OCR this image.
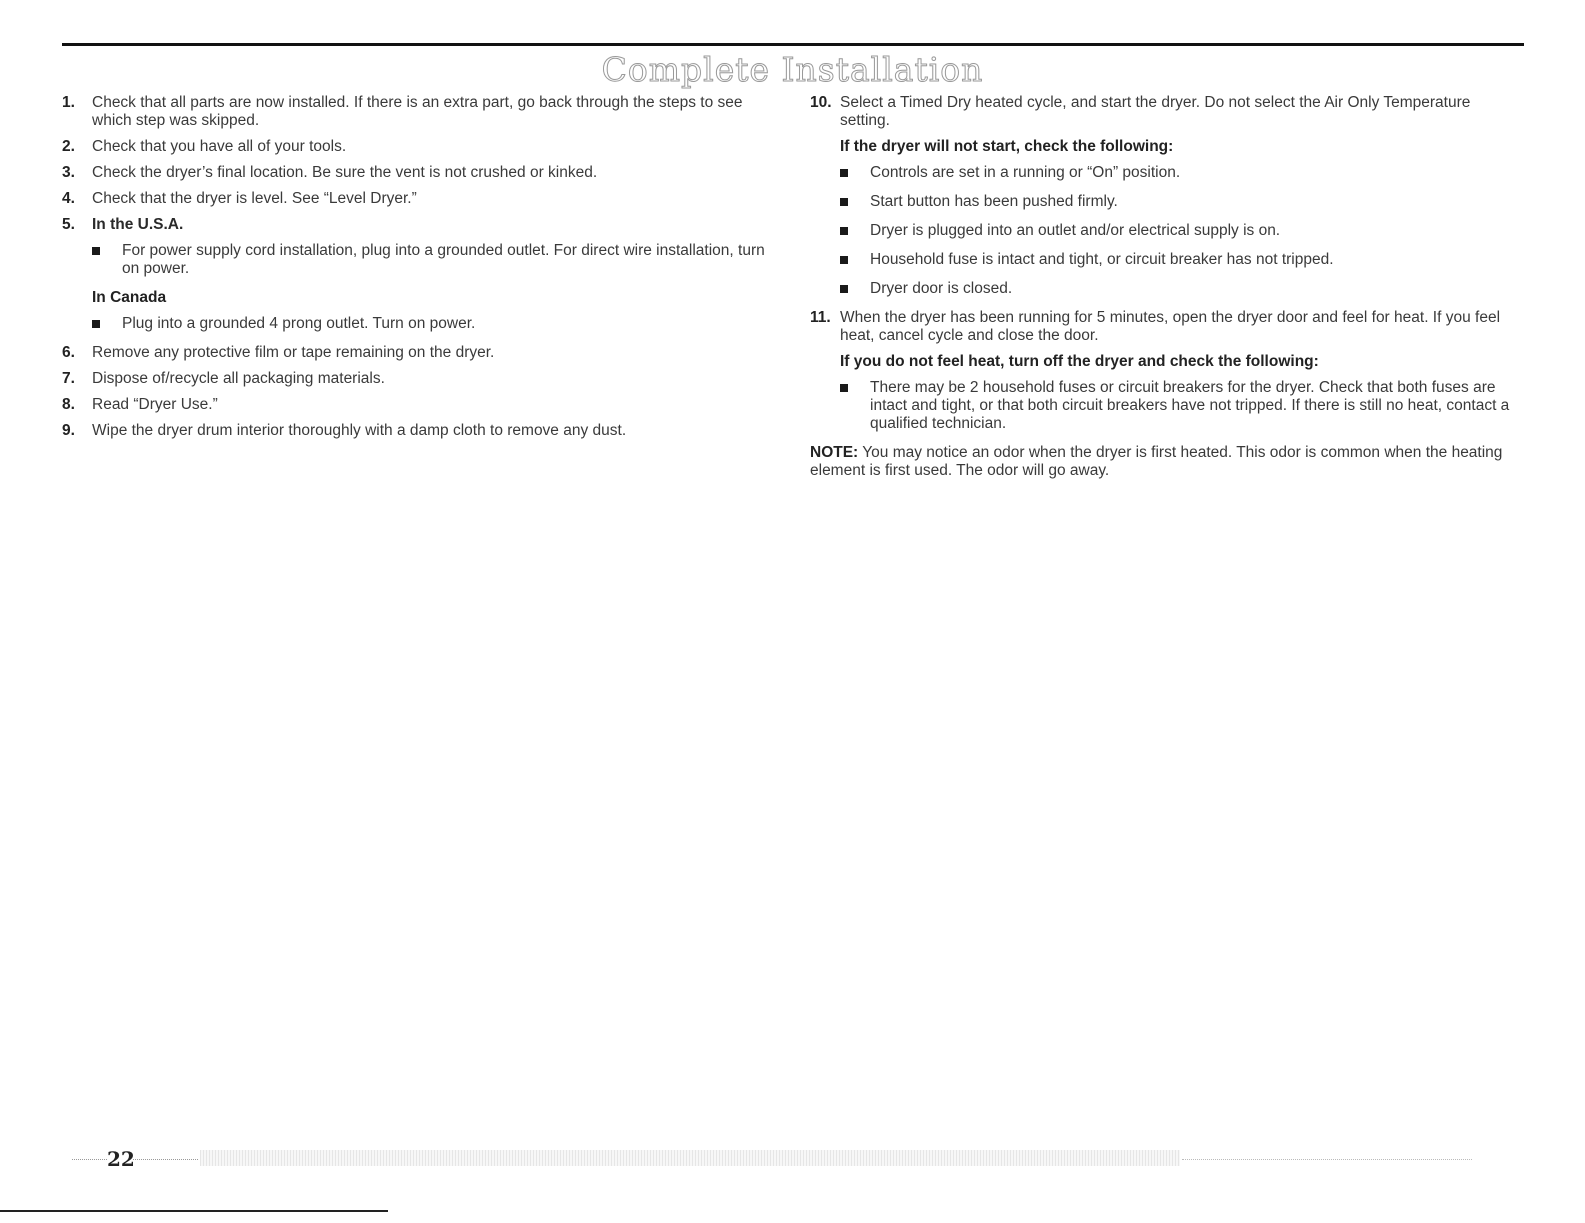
Complete Installation
1. Check that all parts are now installed. If there is an extra part, go back through the steps to see which step was skipped.
2. Check that you have all of your tools.
3. Check the dryer’s final location. Be sure the vent is not crushed or kinked.
4. Check that the dryer is level. See “Level Dryer.”
5. In the U.S.A.
For power supply cord installation, plug into a grounded outlet. For direct wire installation, turn on power.
In Canada
Plug into a grounded 4 prong outlet. Turn on power.
6. Remove any protective film or tape remaining on the dryer.
7. Dispose of/recycle all packaging materials.
8. Read “Dryer Use.”
9. Wipe the dryer drum interior thoroughly with a damp cloth to remove any dust.
10. Select a Timed Dry heated cycle, and start the dryer. Do not select the Air Only Temperature setting.
If the dryer will not start, check the following:
Controls are set in a running or “On” position.
Start button has been pushed firmly.
Dryer is plugged into an outlet and/or electrical supply is on.
Household fuse is intact and tight, or circuit breaker has not tripped.
Dryer door is closed.
11. When the dryer has been running for 5 minutes, open the dryer door and feel for heat. If you feel heat, cancel cycle and close the door.
If you do not feel heat, turn off the dryer and check the following:
There may be 2 household fuses or circuit breakers for the dryer. Check that both fuses are intact and tight, or that both circuit breakers have not tripped. If there is still no heat, contact a qualified technician.
NOTE: You may notice an odor when the dryer is first heated. This odor is common when the heating element is first used. The odor will go away.
22
